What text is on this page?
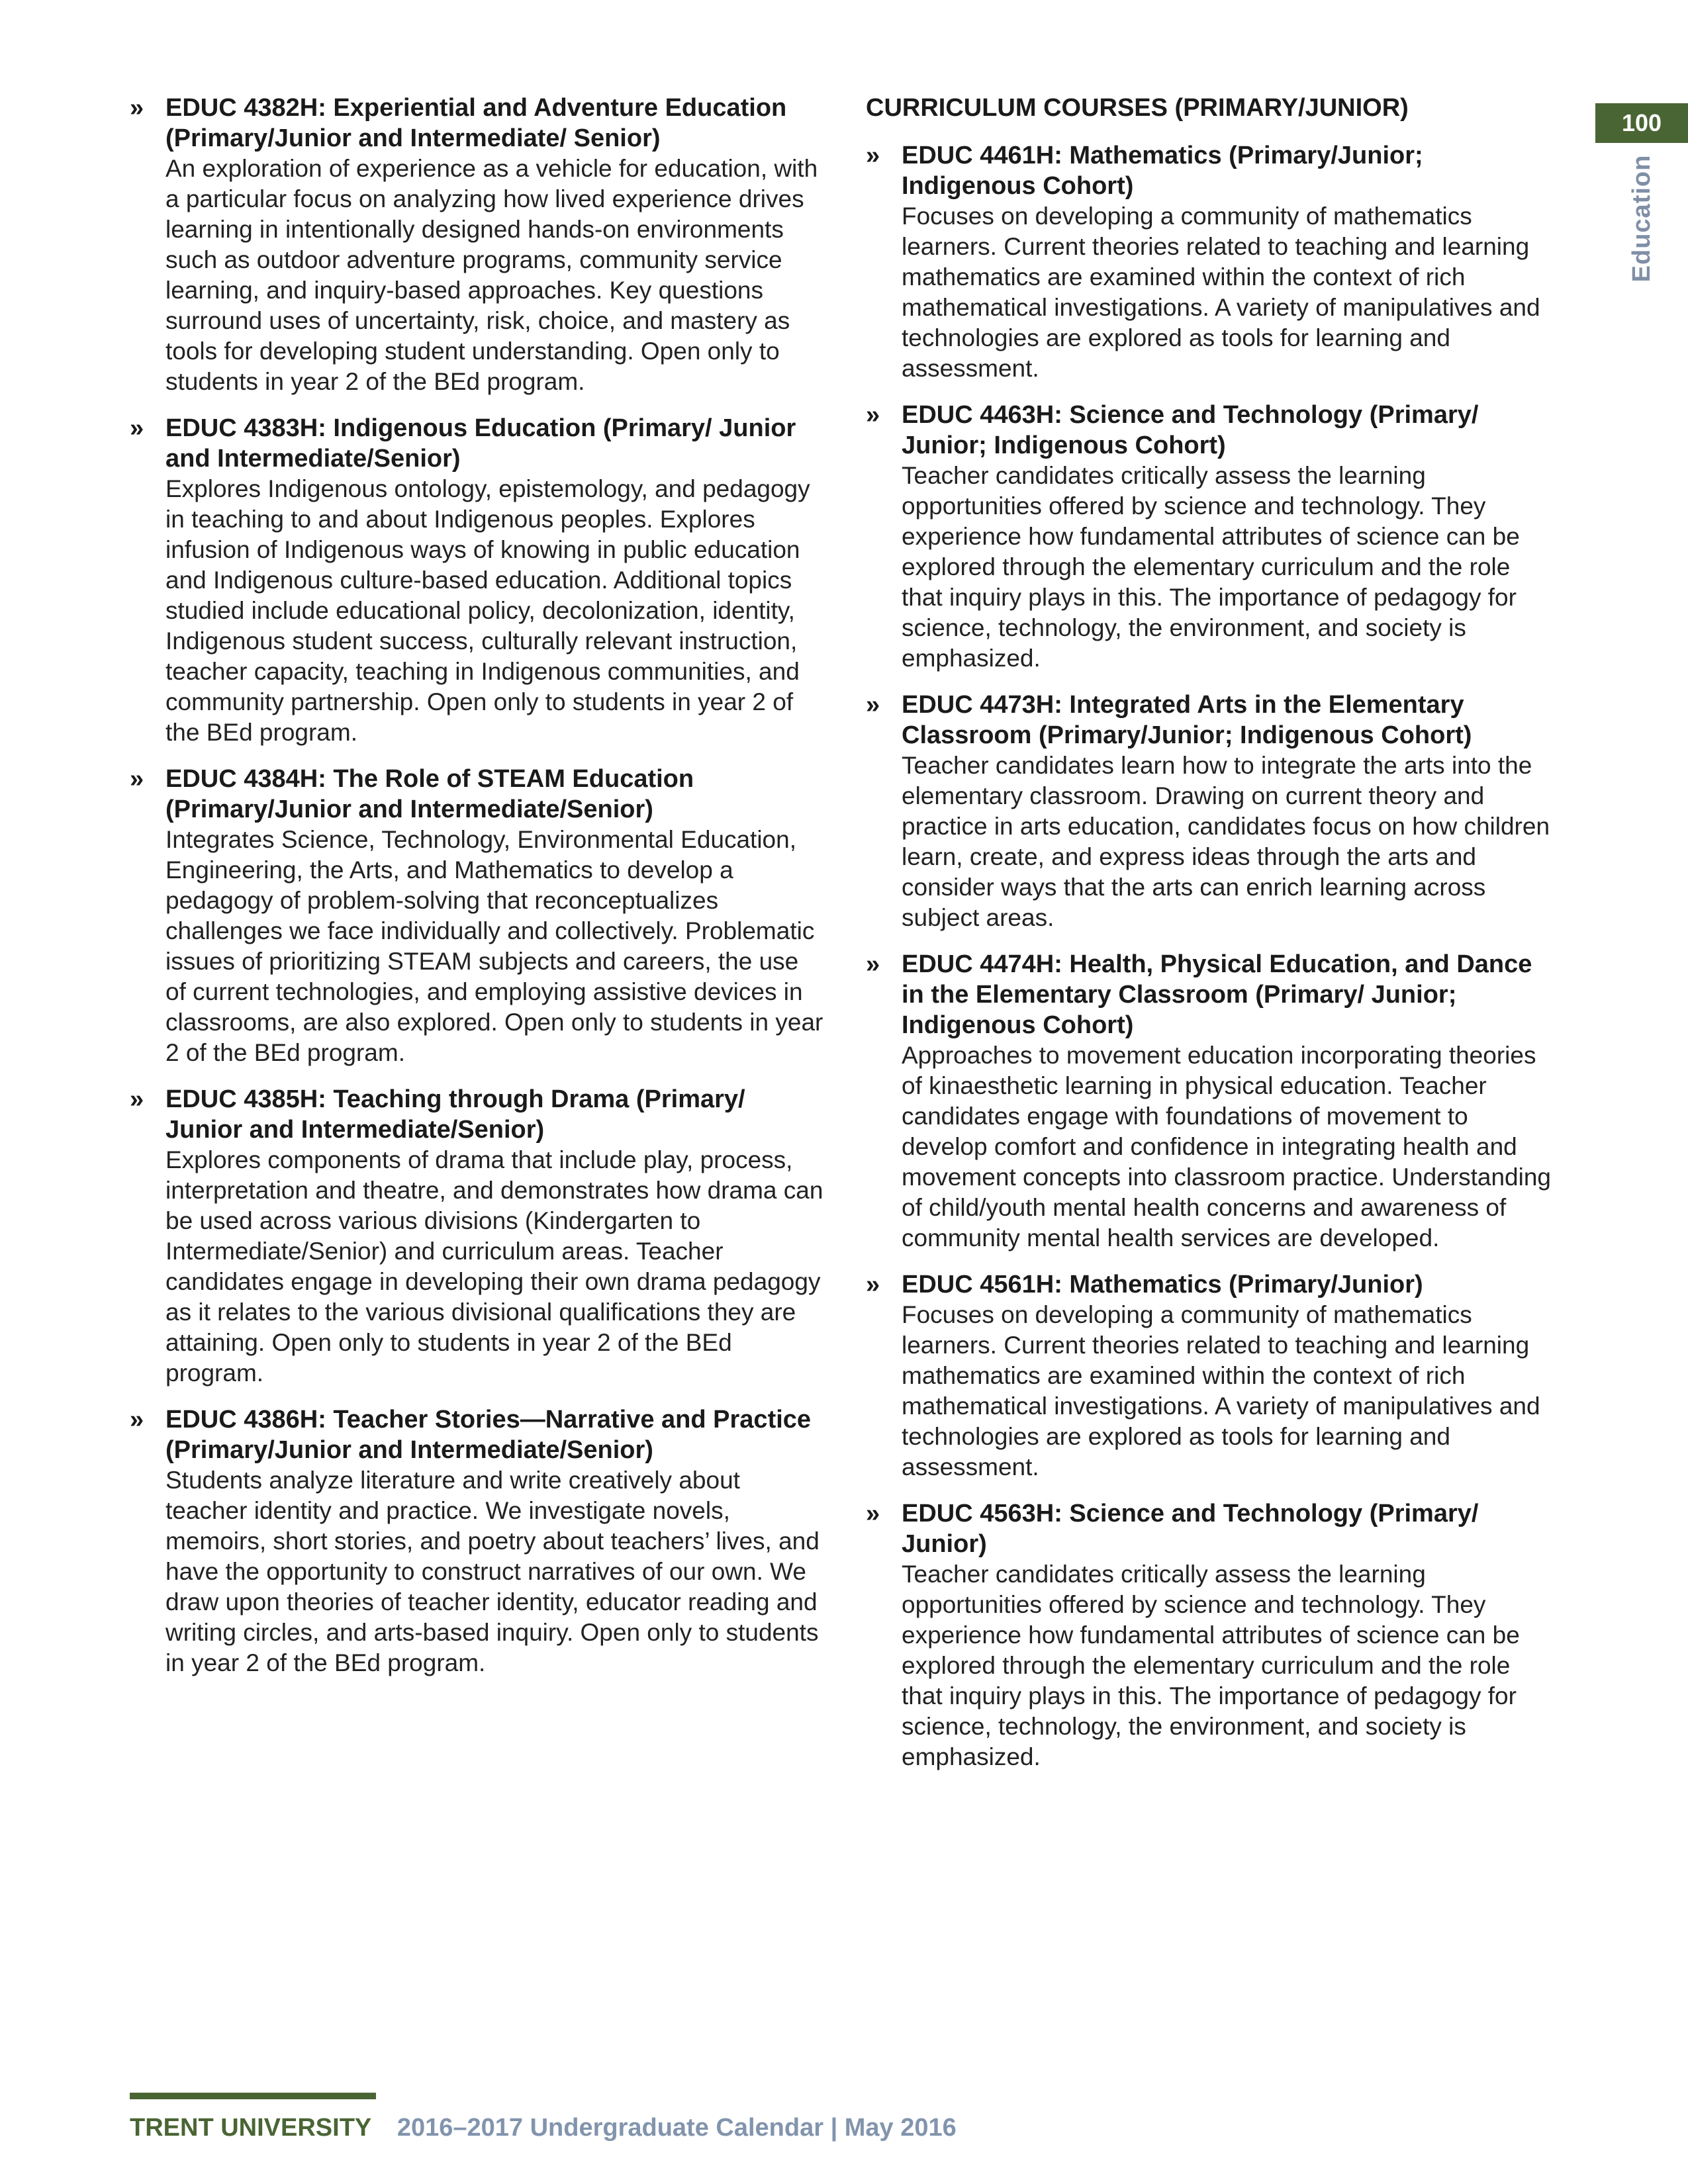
100
Education
» EDUC 4382H: Experiential and Adventure Education (Primary/Junior and Intermediate/ Senior)
An exploration of experience as a vehicle for education, with a particular focus on analyzing how lived experience drives learning in intentionally designed hands-on environments such as outdoor adventure programs, community service learning, and inquiry-based approaches. Key questions surround uses of uncertainty, risk, choice, and mastery as tools for developing student understanding. Open only to students in year 2 of the BEd program.
» EDUC 4383H: Indigenous Education (Primary/ Junior and Intermediate/Senior)
Explores Indigenous ontology, epistemology, and pedagogy in teaching to and about Indigenous peoples. Explores infusion of Indigenous ways of knowing in public education and Indigenous culture-based education. Additional topics studied include educational policy, decolonization, identity, Indigenous student success, culturally relevant instruction, teacher capacity, teaching in Indigenous communities, and community partnership. Open only to students in year 2 of the BEd program.
» EDUC 4384H: The Role of STEAM Education (Primary/Junior and Intermediate/Senior)
Integrates Science, Technology, Environmental Education, Engineering, the Arts, and Mathematics to develop a pedagogy of problem-solving that reconceptualizes challenges we face individually and collectively. Problematic issues of prioritizing STEAM subjects and careers, the use of current technologies, and employing assistive devices in classrooms, are also explored. Open only to students in year 2 of the BEd program.
» EDUC 4385H: Teaching through Drama (Primary/ Junior and Intermediate/Senior)
Explores components of drama that include play, process, interpretation and theatre, and demonstrates how drama can be used across various divisions (Kindergarten to Intermediate/Senior) and curriculum areas. Teacher candidates engage in developing their own drama pedagogy as it relates to the various divisional qualifications they are attaining. Open only to students in year 2 of the BEd program.
» EDUC 4386H: Teacher Stories—Narrative and Practice (Primary/Junior and Intermediate/Senior)
Students analyze literature and write creatively about teacher identity and practice. We investigate novels, memoirs, short stories, and poetry about teachers’ lives, and have the opportunity to construct narratives of our own. We draw upon theories of teacher identity, educator reading and writing circles, and arts-based inquiry. Open only to students in year 2 of the BEd program.
CURRICULUM COURSES (PRIMARY/JUNIOR)
» EDUC 4461H: Mathematics (Primary/Junior; Indigenous Cohort)
Focuses on developing a community of mathematics learners. Current theories related to teaching and learning mathematics are examined within the context of rich mathematical investigations. A variety of manipulatives and technologies are explored as tools for learning and assessment.
» EDUC 4463H: Science and Technology (Primary/ Junior; Indigenous Cohort)
Teacher candidates critically assess the learning opportunities offered by science and technology. They experience how fundamental attributes of science can be explored through the elementary curriculum and the role that inquiry plays in this. The importance of pedagogy for science, technology, the environment, and society is emphasized.
» EDUC 4473H: Integrated Arts in the Elementary Classroom (Primary/Junior; Indigenous Cohort)
Teacher candidates learn how to integrate the arts into the elementary classroom. Drawing on current theory and practice in arts education, candidates focus on how children learn, create, and express ideas through the arts and consider ways that the arts can enrich learning across subject areas.
» EDUC 4474H: Health, Physical Education, and Dance in the Elementary Classroom (Primary/ Junior; Indigenous Cohort)
Approaches to movement education incorporating theories of kinaesthetic learning in physical education. Teacher candidates engage with foundations of movement to develop comfort and confidence in integrating health and movement concepts into classroom practice. Understanding of child/youth mental health concerns and awareness of community mental health services are developed.
» EDUC 4561H: Mathematics (Primary/Junior)
Focuses on developing a community of mathematics learners. Current theories related to teaching and learning mathematics are examined within the context of rich mathematical investigations. A variety of manipulatives and technologies are explored as tools for learning and assessment.
» EDUC 4563H: Science and Technology (Primary/ Junior)
Teacher candidates critically assess the learning opportunities offered by science and technology. They experience how fundamental attributes of science can be explored through the elementary curriculum and the role that inquiry plays in this. The importance of pedagogy for science, technology, the environment, and society is emphasized.
TRENT UNIVERSITY 2016–2017 Undergraduate Calendar | May 2016
